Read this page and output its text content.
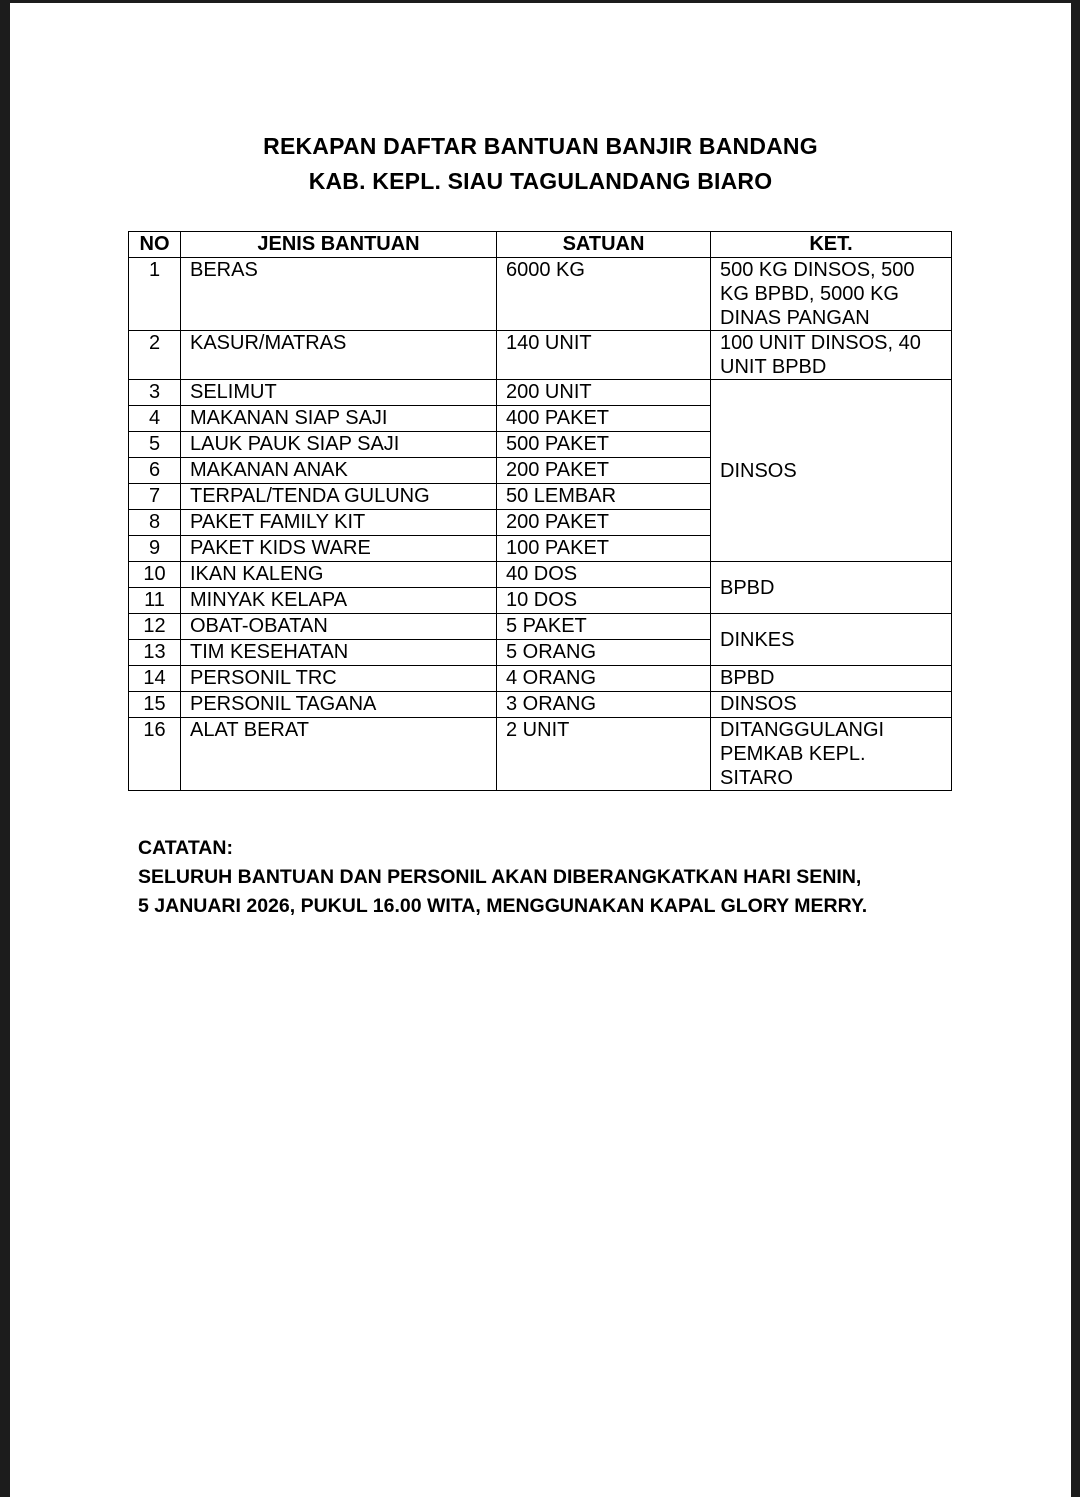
REKAPAN DAFTAR BANTUAN BANJIR BANDANG
KAB. KEPL. SIAU TAGULANDANG BIARO
NO	JENIS BANTUAN	SATUAN	KET.
1	BERAS	6000 KG	500 KG DINSOS, 500
KG BPBD, 5000 KG
DINAS PANGAN

2	KASUR/MATRAS	140 UNIT	100 UNIT DINSOS, 40
UNIT BPBD

3	SELIMUT	200 UNIT	DINSOS
4	MAKANAN SIAP SAJI	400 PAKET	
5	LAUK PAUK SIAP SAJI	500 PAKET	
6	MAKANAN ANAK	200 PAKET	
7	TERPAL/TENDA GULUNG	50 LEMBAR	
8	PAKET FAMILY KIT	200 PAKET	
9	PAKET KIDS WARE	100 PAKET	
10	IKAN KALENG	40 DOS	BPBD
11	MINYAK KELAPA	10 DOS	
12	OBAT-OBATAN	5 PAKET	DINKES
13	TIM KESEHATAN	5 ORANG	
14	PERSONIL TRC	4 ORANG	BPBD
15	PERSONIL TAGANA	3 ORANG	DINSOS
16	ALAT BERAT	2 UNIT	DITANGGULANGI
PEMKAB KEPL.
SITARO
CATATAN:
SELURUH BANTUAN DAN PERSONIL AKAN DIBERANGKATKAN HARI SENIN,
5 JANUARI 2026, PUKUL 16.00 WITA, MENGGUNAKAN KAPAL GLORY MERRY.
